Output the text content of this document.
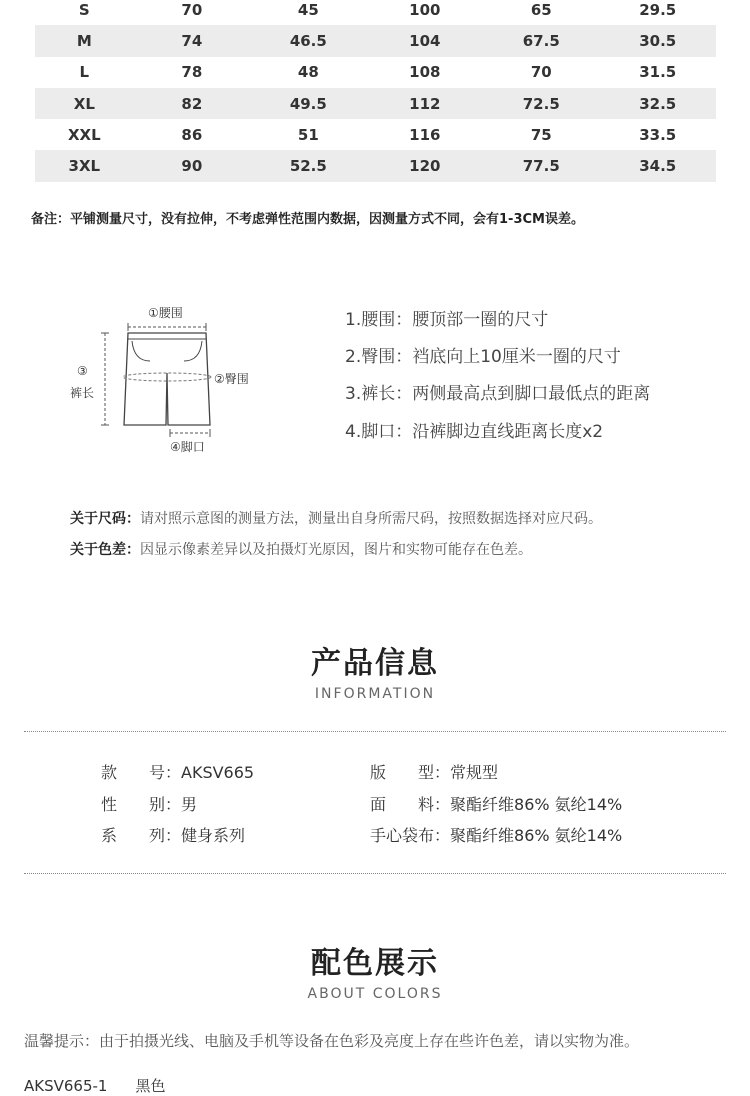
S	70	45	100	65	29.5
M	74	46.5	104	67.5	30.5
L	78	48	108	70	31.5
XL	82	49.5	112	72.5	32.5
XXL	86	51	116	75	33.5
3XL	90	52.5	120	77.5	34.5
备注：平铺测量尺寸，没有拉伸，不考虑弹性范围内数据，因测量方式不同，会有1-3CM误差。
①腰围
②臀围
③
裤长
④脚口
1.腰围：腰顶部一圈的尺寸
2.臀围：裆底向上10厘米一圈的尺寸
3.裤长：两侧最高点到脚口最低点的距离
4.脚口：沿裤脚边直线距离长度x2
关于尺码：请对照示意图的测量方法，测量出自身所需尺码，按照数据选择对应尺码。
关于色差：因显示像素差异以及拍摄灯光原因，图片和实物可能存在色差。
产品信息
INFORMATION
款　　号：AKSV665
性　　别：男
系　　列：健身系列
版　　型：常规型
面　　料：聚酯纤维86% 氨纶14%
手心袋布：聚酯纤维86% 氨纶14%
配色展示
ABOUT COLORS
温馨提示：由于拍摄光线、电脑及手机等设备在色彩及亮度上存在些许色差，请以实物为准。
AKSV665-1 黑色
